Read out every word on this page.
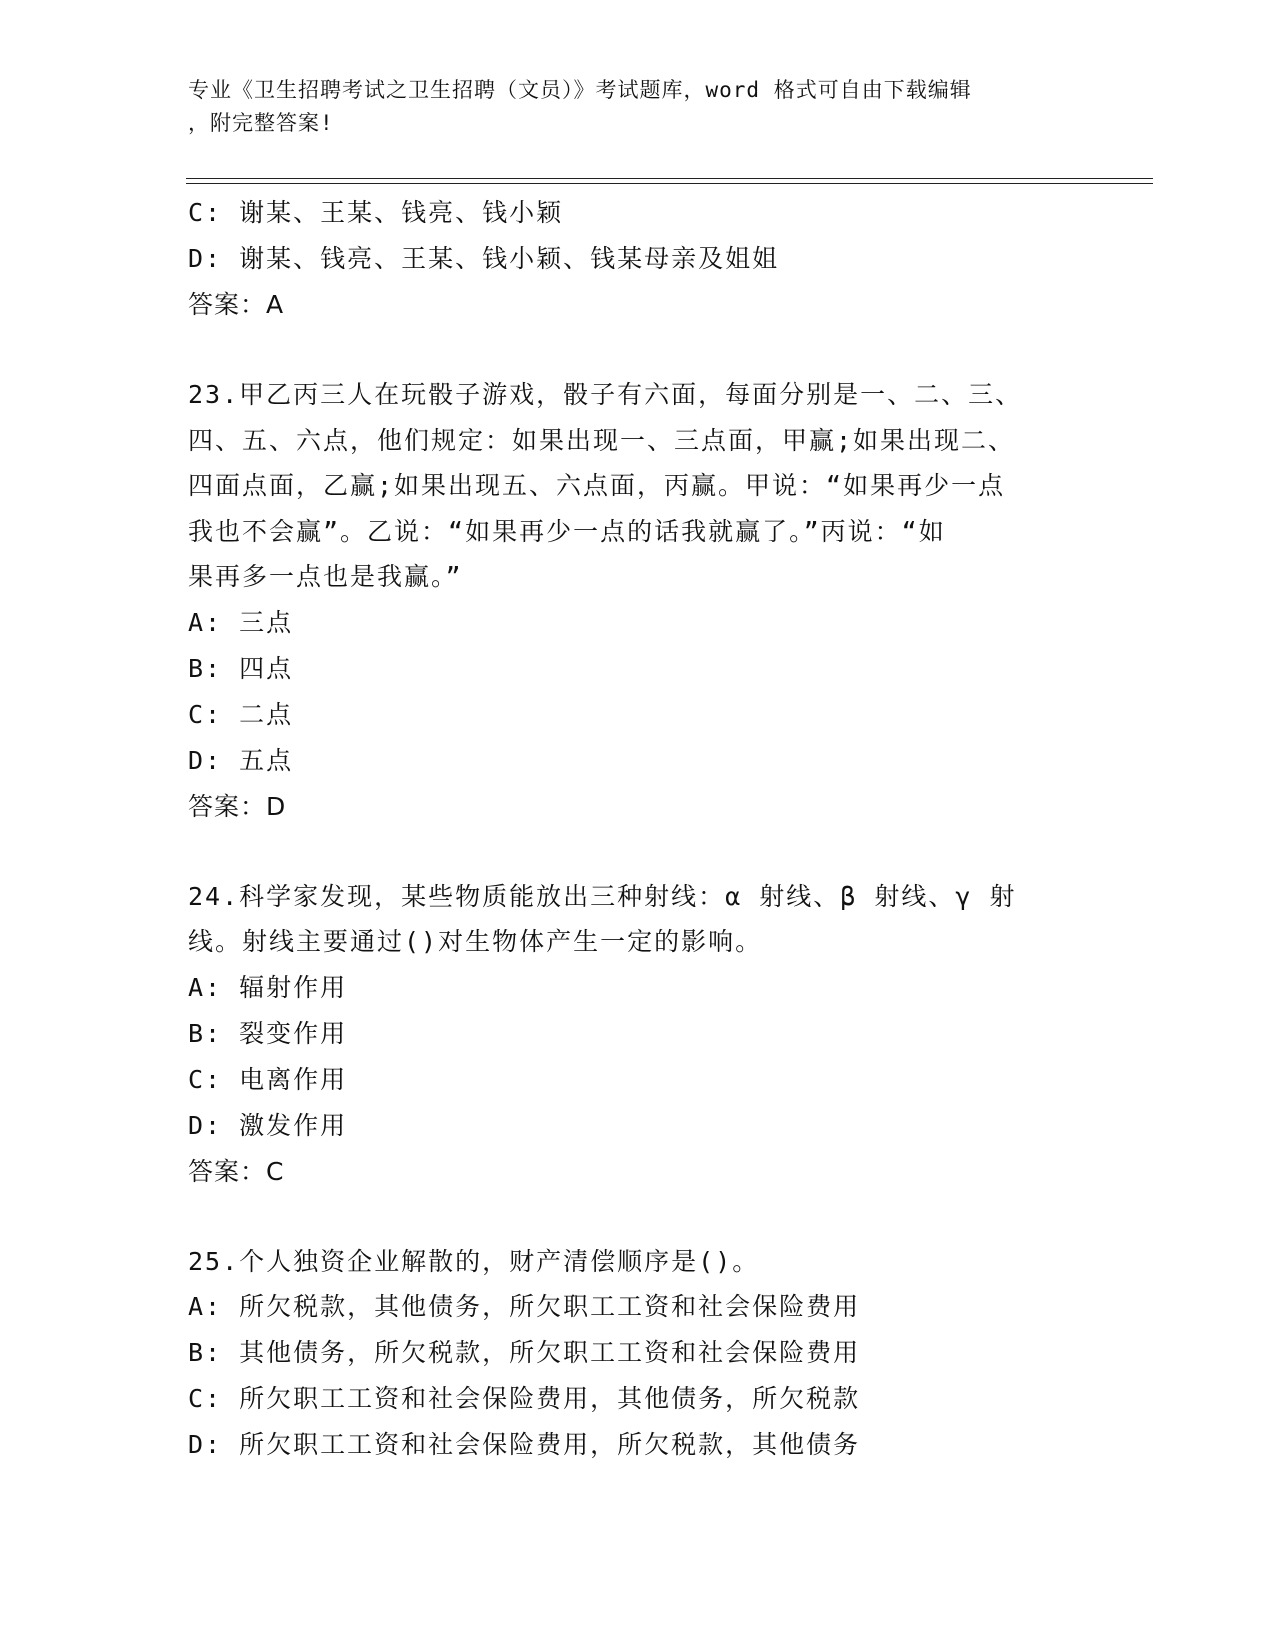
专业《卫生招聘考试之卫生招聘（文员）》考试题库，word 格式可自由下载编辑
，附完整答案!
C: 谢某、王某、钱亮、钱小颖
D: 谢某、钱亮、王某、钱小颖、钱某母亲及姐姐
答案：A
23.甲乙丙三人在玩骰子游戏，骰子有六面，每面分别是一、二、三、
四、五、六点，他们规定：如果出现一、三点面，甲赢;如果出现二、
四面点面，乙赢;如果出现五、六点面，丙赢。甲说：“如果再少一点
我也不会赢”。乙说：“如果再少一点的话我就赢了。”丙说：“如
果再多一点也是我赢。”
A: 三点
B: 四点
C: 二点
D: 五点
答案：D
24.科学家发现，某些物质能放出三种射线：α 射线、β 射线、γ 射
线。射线主要通过()对生物体产生一定的影响。
A: 辐射作用
B: 裂变作用
C: 电离作用
D: 激发作用
答案：C
25.个人独资企业解散的，财产清偿顺序是()。
A: 所欠税款，其他债务，所欠职工工资和社会保险费用
B: 其他债务，所欠税款，所欠职工工资和社会保险费用
C: 所欠职工工资和社会保险费用，其他债务，所欠税款
D: 所欠职工工资和社会保险费用，所欠税款，其他债务
